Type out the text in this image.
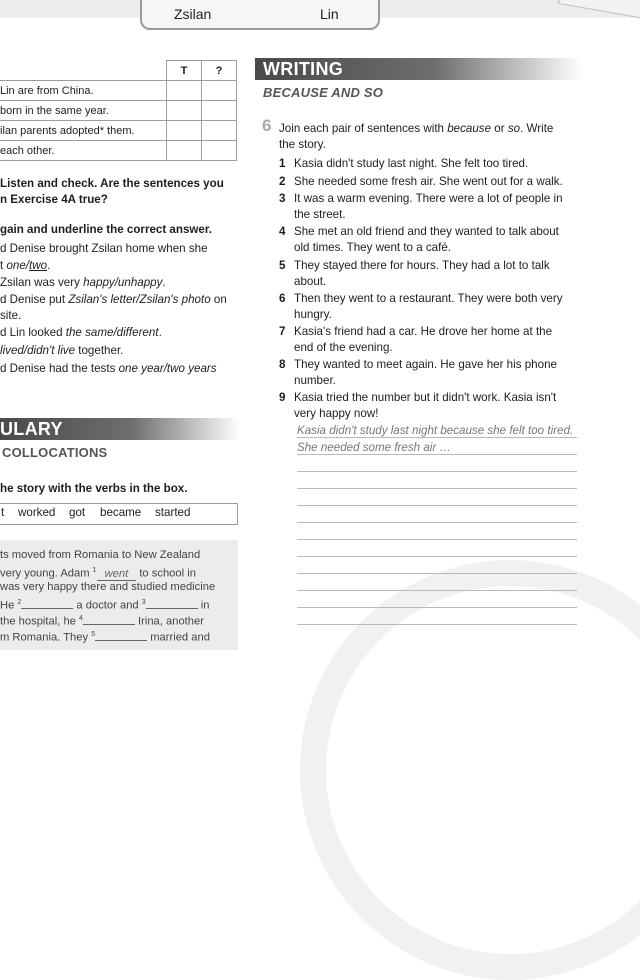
Zsilan	Lin
	T	?
Lin are from China.		
born in the same year.		
ilan parents adopted* them.		
each other.		
Listen and check. Are the sentences you
n Exercise 4A true?
gain and underline the correct answer.
d Denise brought Zsilan home when she
t one/two.
Zsilan was very happy/unhappy.
d Denise put Zsilan's letter/Zsilan's photo on
site.
d Lin looked the same/different.
lived/didn't live together.
d Denise had the tests one year/two years
ULARY
COLLOCATIONS
he story with the verbs in the box.
t worked got became started
ts moved from Romania to New Zealand
very young. Adam $^1$ went to school in
was very happy there and studied medicine
He $^2$	a doctor and $^3$	in
the hospital, he $^4$	Irina, another
m Romania. They $^5$	married and
WRITING
BECAUSE AND SO
6 Join each pair of sentences with because or so. Write
the story.
1 Kasia didn't study last night. She felt too tired.
2 She needed some fresh air. She went out for a walk.
3 It was a warm evening. There were a lot of people in
the street.
4 She met an old friend and they wanted to talk about
old times. They went to a café.
5 They stayed there for hours. They had a lot to talk
about.
6 Then they went to a restaurant. They were both very
hungry.
7 Kasia's friend had a car. He drove her home at the
end of the evening.
8 They wanted to meet again. He gave her his phone
number.
9 Kasia tried the number but it didn't work. Kasia isn't
very happy now!
Kasia didn't study last night because she felt too tired.
She needed some fresh air …
